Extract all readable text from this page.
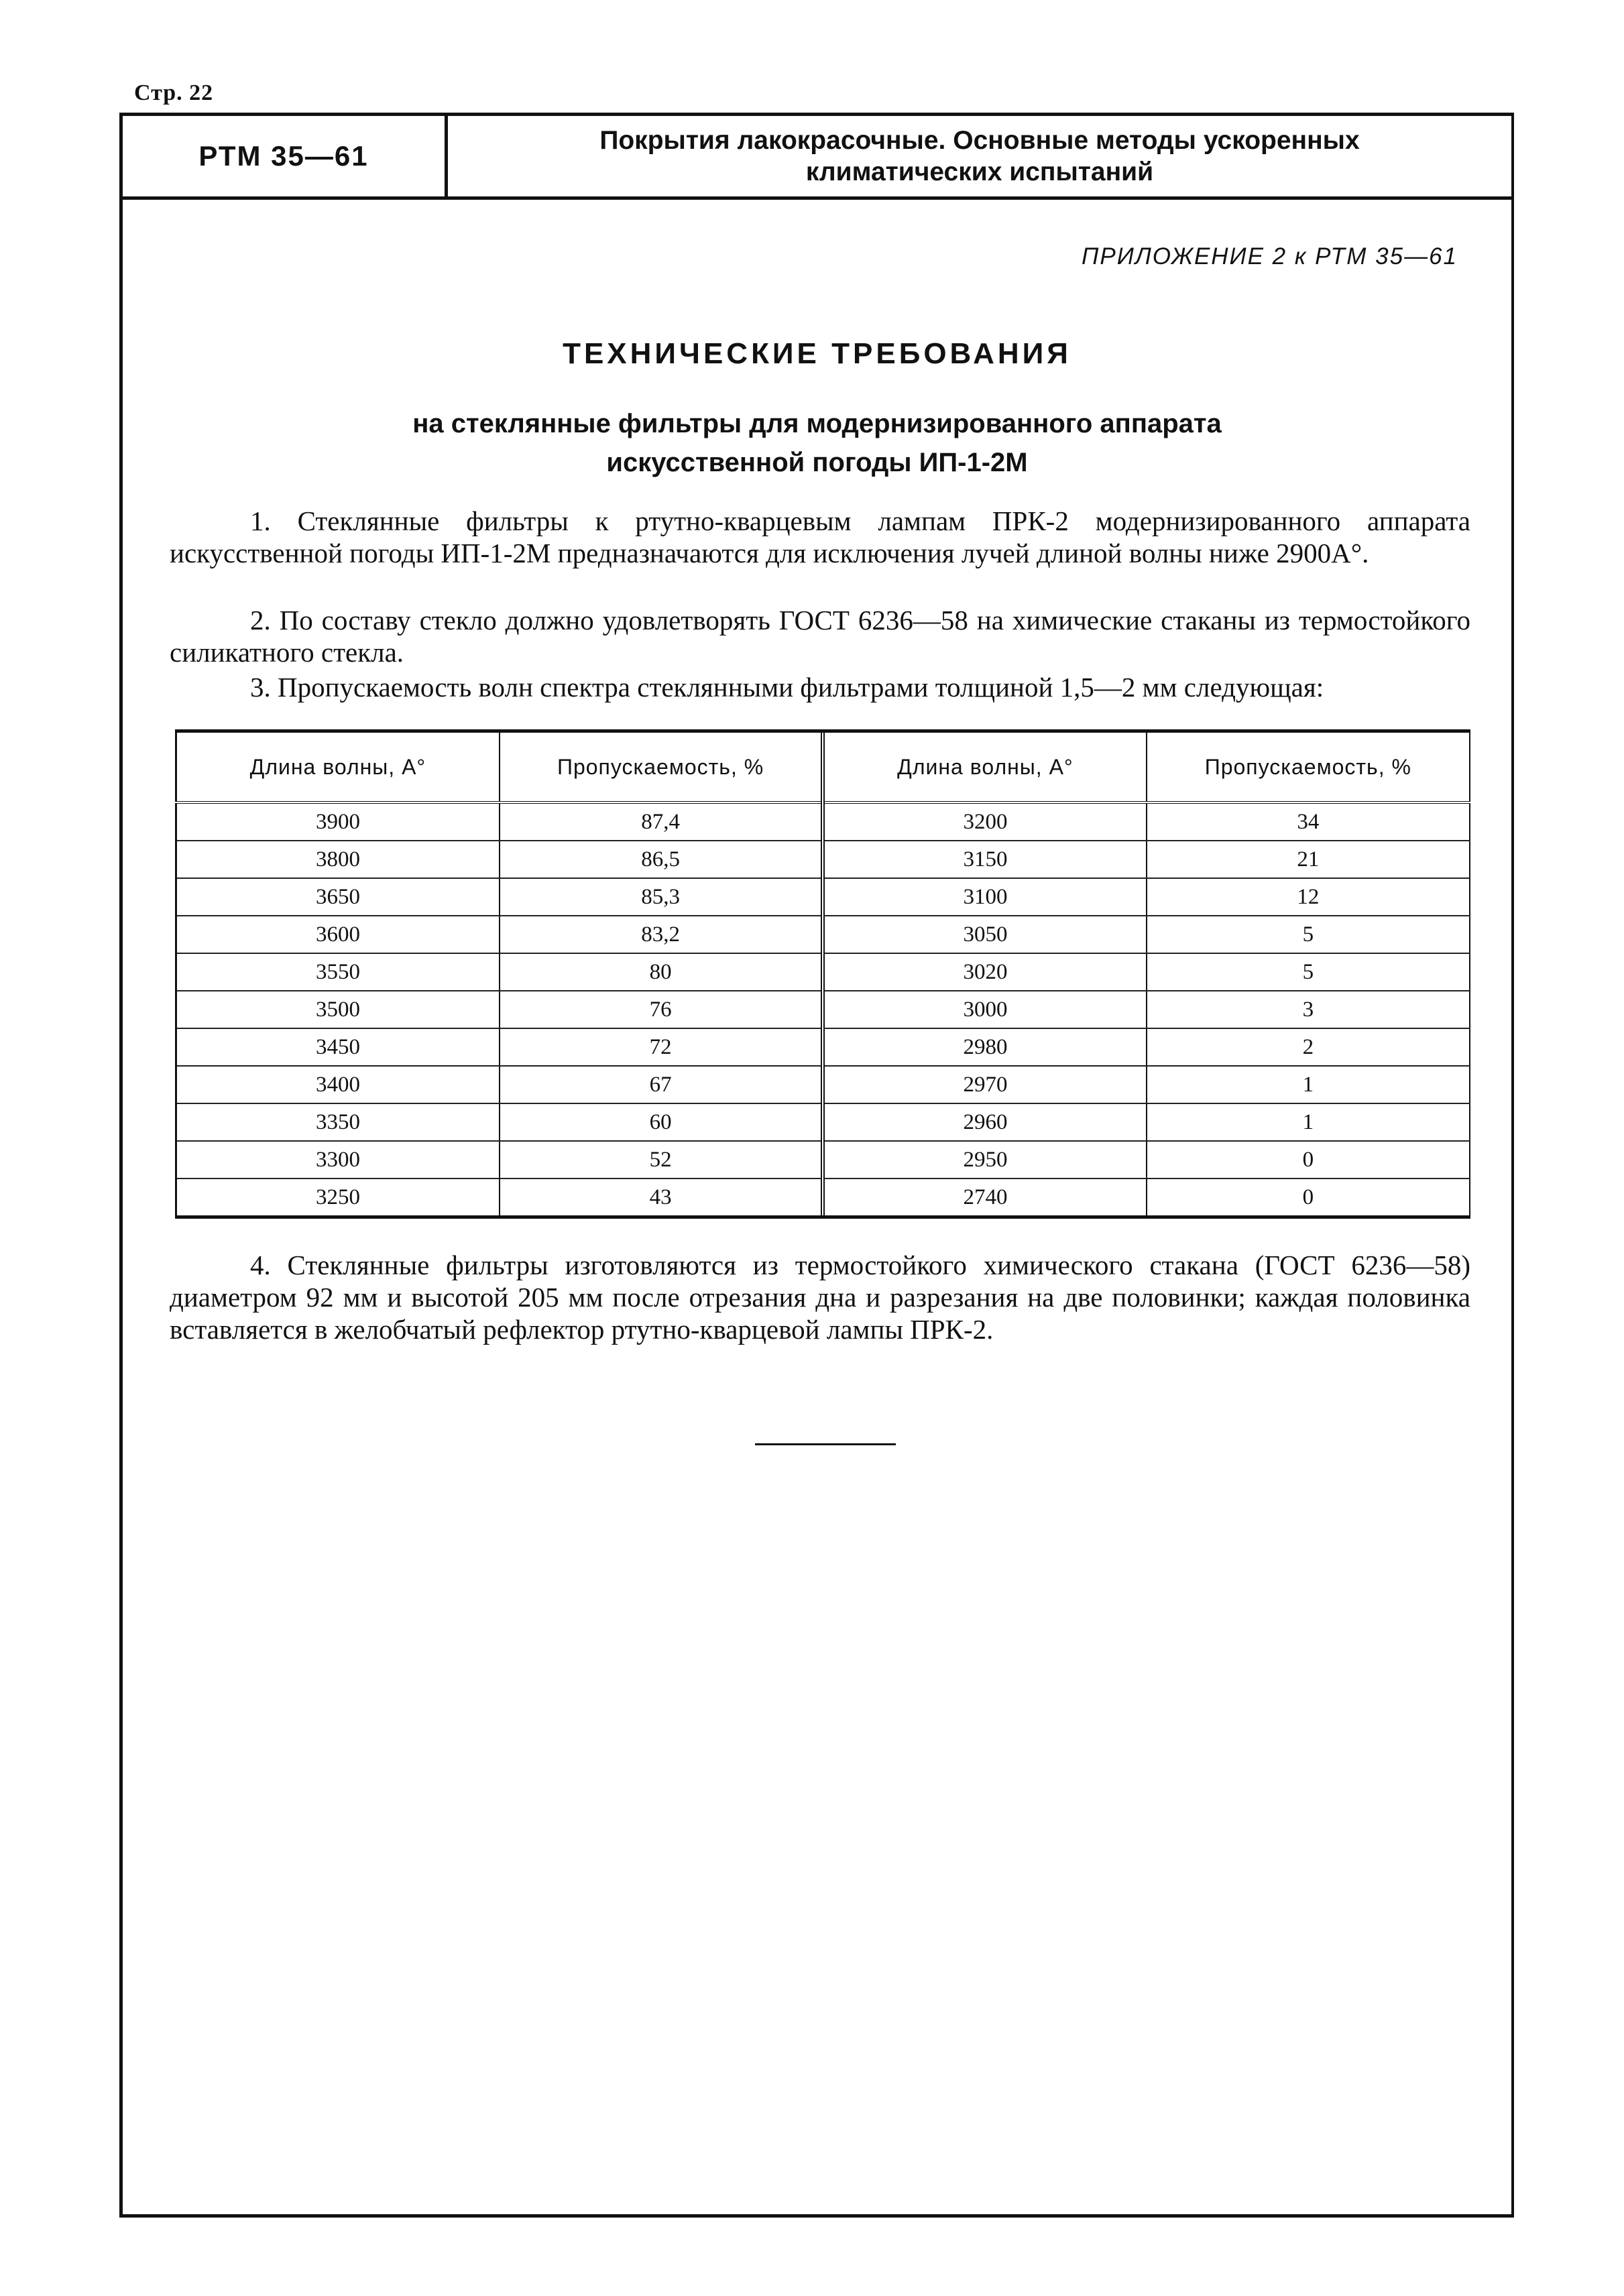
Стр. 22
РТМ 35—61	Покрытия лакокрасочные. Основные методы ускоренных
климатических испытаний
ПРИЛОЖЕНИЕ 2 к РТМ 35—61
ТЕХНИЧЕСКИЕ ТРЕБОВАНИЯ
на стеклянные фильтры для модернизированного аппарата
искусственной погоды ИП-1-2М
1. Стеклянные фильтры к ртутно-кварцевым лампам ПРК-2 модернизированного аппарата искусственной погоды ИП-1-2М предназначаются для исключения лучей длиной волны ниже 2900А°.
2. По составу стекло должно удовлетворять ГОСТ 6236—58 на химические стаканы из термостойкого силикатного стекла.
3. Пропускаемость волн спектра стеклянными фильтрами толщиной 1,5—2 мм следующая:
Длина волны, А°	Пропускаемость, %	Длина волны, А°	Пропускаемость, %
3900	87,4	3200	34
3800	86,5	3150	21
3650	85,3	3100	12
3600	83,2	3050	5
3550	80	3020	5
3500	76	3000	3
3450	72	2980	2
3400	67	2970	1
3350	60	2960	1
3300	52	2950	0
3250	43	2740	0
4. Стеклянные фильтры изготовляются из термостойкого химического стакана (ГОСТ 6236—58) диаметром 92 мм и высотой 205 мм после отрезания дна и разрезания на две половинки; каждая половинка вставляется в желобчатый рефлектор ртутно-кварцевой лампы ПРК-2.
